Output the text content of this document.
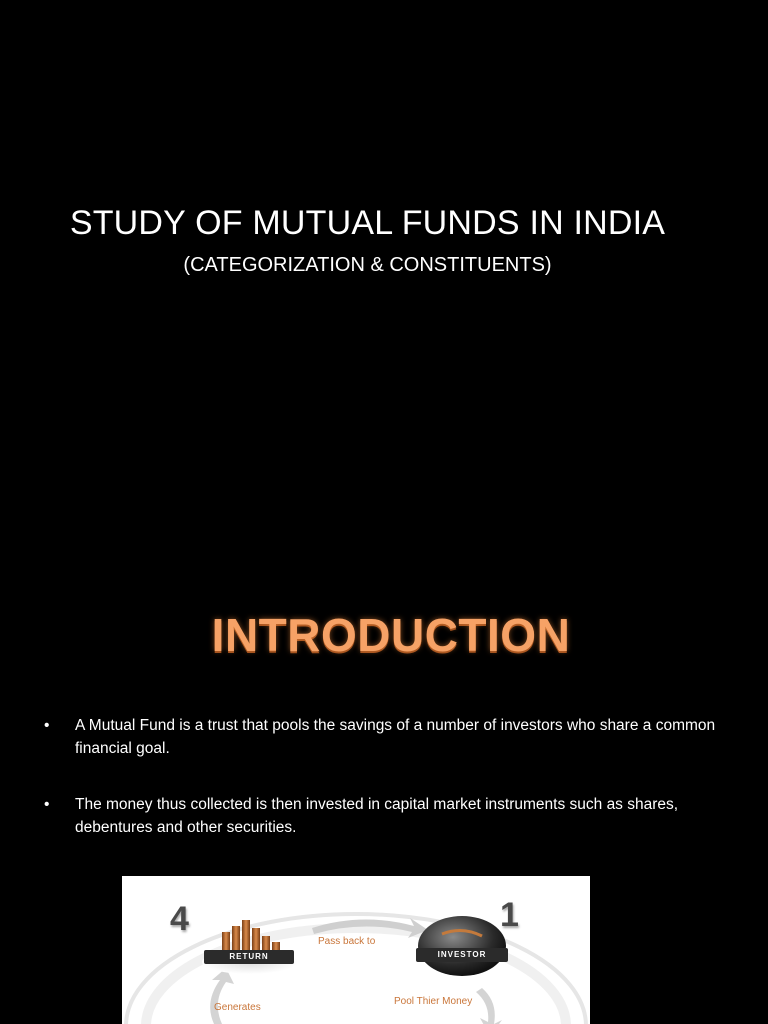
STUDY OF MUTUAL FUNDS IN INDIA
(CATEGORIZATION & CONSTITUENTS)
INTRODUCTION
• A Mutual Fund is a trust that pools the savings of a number of investors who share a common financial goal.
• The money thus collected is then invested in capital market instruments such as shares, debentures and other securities.
4	1
Pass back to
Generates
Pool Thier Money
RETURN	INVESTOR
